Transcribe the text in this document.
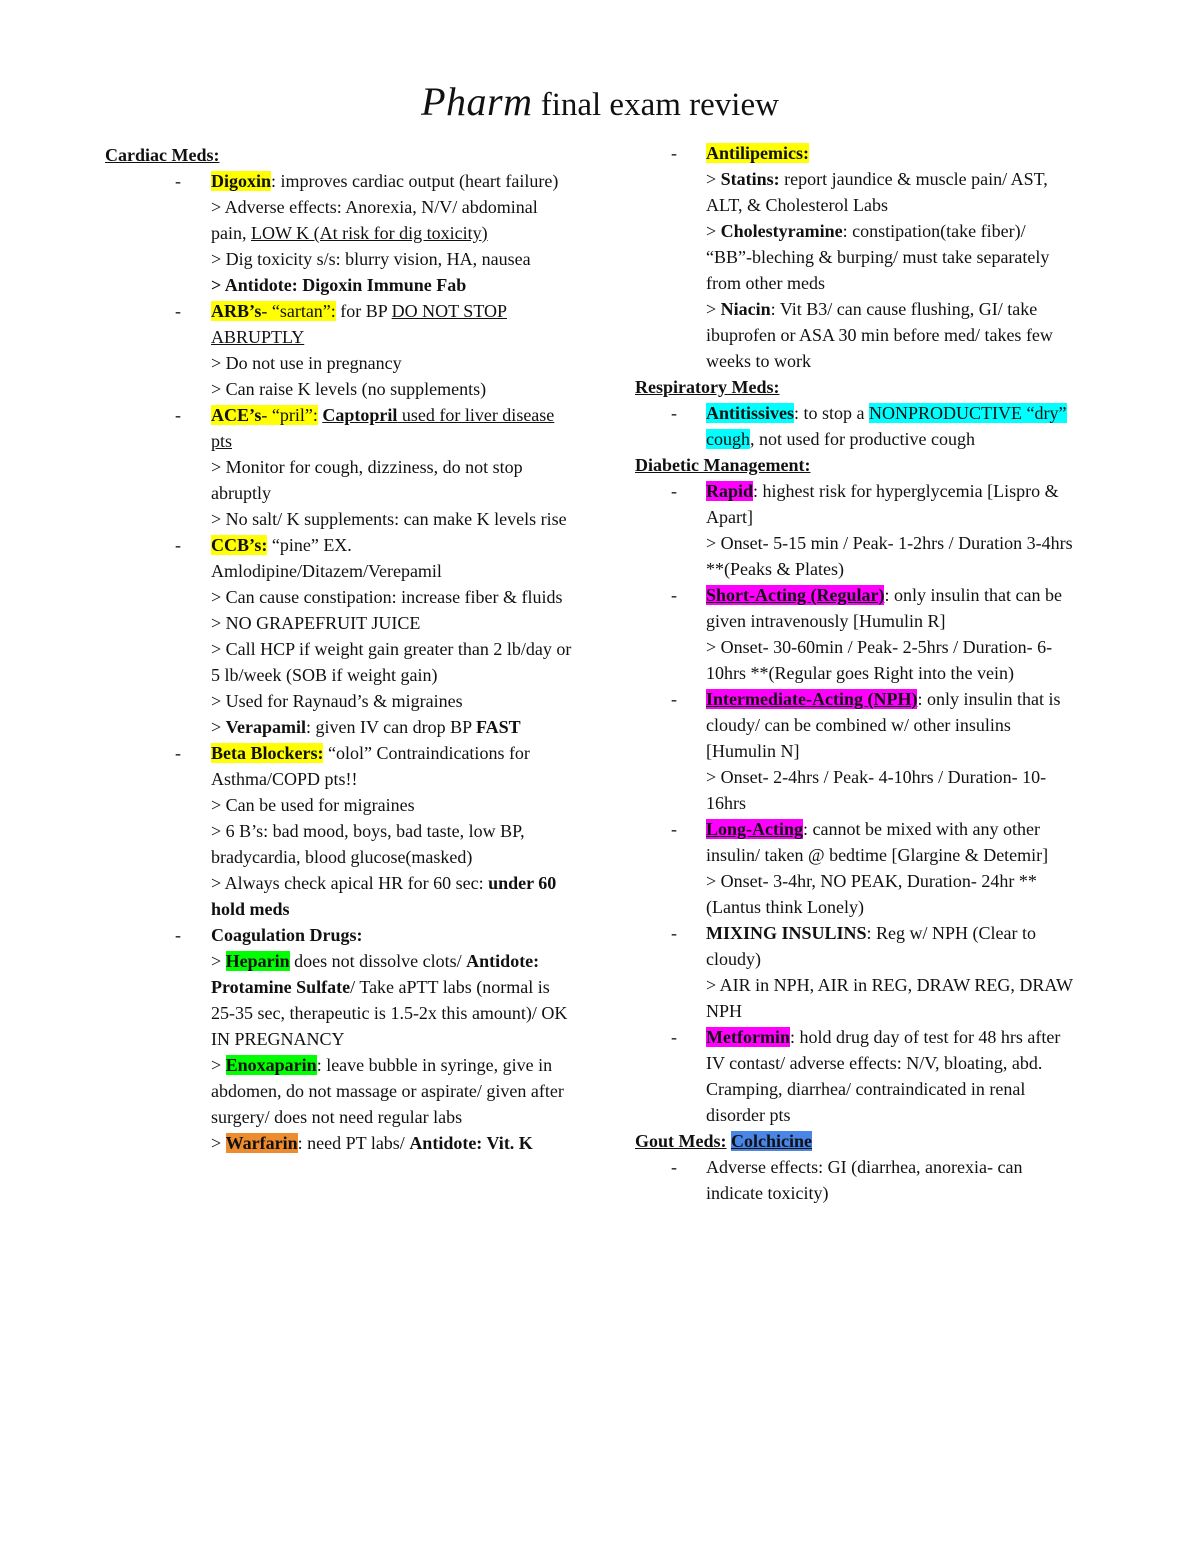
Pharm final exam review
Cardiac Meds:
- Digoxin: improves cardiac output (heart failure)
> Adverse effects: Anorexia, N/V/ abdominal pain, LOW K (At risk for dig toxicity)
> Dig toxicity s/s: blurry vision, HA, nausea
> Antidote: Digoxin Immune Fab
- ARB’s- “sartan”: for BP DO NOT STOP ABRUPTLY
> Do not use in pregnancy
> Can raise K levels (no supplements)
- ACE’s- “pril”: Captopril used for liver disease pts
> Monitor for cough, dizziness, do not stop abruptly
> No salt/ K supplements: can make K levels rise
- CCB’s: “pine” EX. Amlodipine/Ditazem/Verepamil
> Can cause constipation: increase fiber & fluids
> NO GRAPEFRUIT JUICE
> Call HCP if weight gain greater than 2 lb/day or 5 lb/week (SOB if weight gain)
> Used for Raynaud’s & migraines
> Verapamil: given IV can drop BP FAST
- Beta Blockers: “olol” Contraindications for Asthma/COPD pts!!
> Can be used for migraines
> 6 B’s: bad mood, boys, bad taste, low BP, bradycardia, blood glucose(masked)
> Always check apical HR for 60 sec: under 60 hold meds
- Coagulation Drugs:
> Heparin does not dissolve clots/ Antidote: Protamine Sulfate/ Take aPTT labs (normal is 25-35 sec, therapeutic is 1.5-2x this amount)/ OK IN PREGNANCY
> Enoxaparin: leave bubble in syringe, give in abdomen, do not massage or aspirate/ given after surgery/ does not need regular labs
> Warfarin: need PT labs/ Antidote: Vit. K
- Antilipemics:
> Statins: report jaundice & muscle pain/ AST, ALT, & Cholesterol Labs
> Cholestyramine: constipation(take fiber)/ “BB”-bleching & burping/ must take separately from other meds
> Niacin: Vit B3/ can cause flushing, GI/ take ibuprofen or ASA 30 min before med/ takes few weeks to work
Respiratory Meds:
- Antitissives: to stop a NONPRODUCTIVE “dry” cough, not used for productive cough
Diabetic Management:
- Rapid: highest risk for hyperglycemia [Lispro & Apart]
> Onset- 5-15 min / Peak- 1-2hrs / Duration 3-4hrs **(Peaks & Plates)
- Short-Acting (Regular): only insulin that can be given intravenously [Humulin R]
> Onset- 30-60min / Peak- 2-5hrs / Duration- 6-10hrs **(Regular goes Right into the vein)
- Intermediate-Acting (NPH): only insulin that is cloudy/ can be combined w/ other insulins [Humulin N]
> Onset- 2-4hrs / Peak- 4-10hrs / Duration- 10-16hrs
- Long-Acting: cannot be mixed with any other insulin/ taken @ bedtime [Glargine & Detemir]
> Onset- 3-4hr, NO PEAK, Duration- 24hr **(Lantus think Lonely)
- MIXING INSULINS: Reg w/ NPH (Clear to cloudy)
> AIR in NPH, AIR in REG, DRAW REG, DRAW NPH
- Metformin: hold drug day of test for 48 hrs after IV contast/ adverse effects: N/V, bloating, abd. Cramping, diarrhea/ contraindicated in renal disorder pts
Gout Meds: Colchicine
- Adverse effects: GI (diarrhea, anorexia- can indicate toxicity)
